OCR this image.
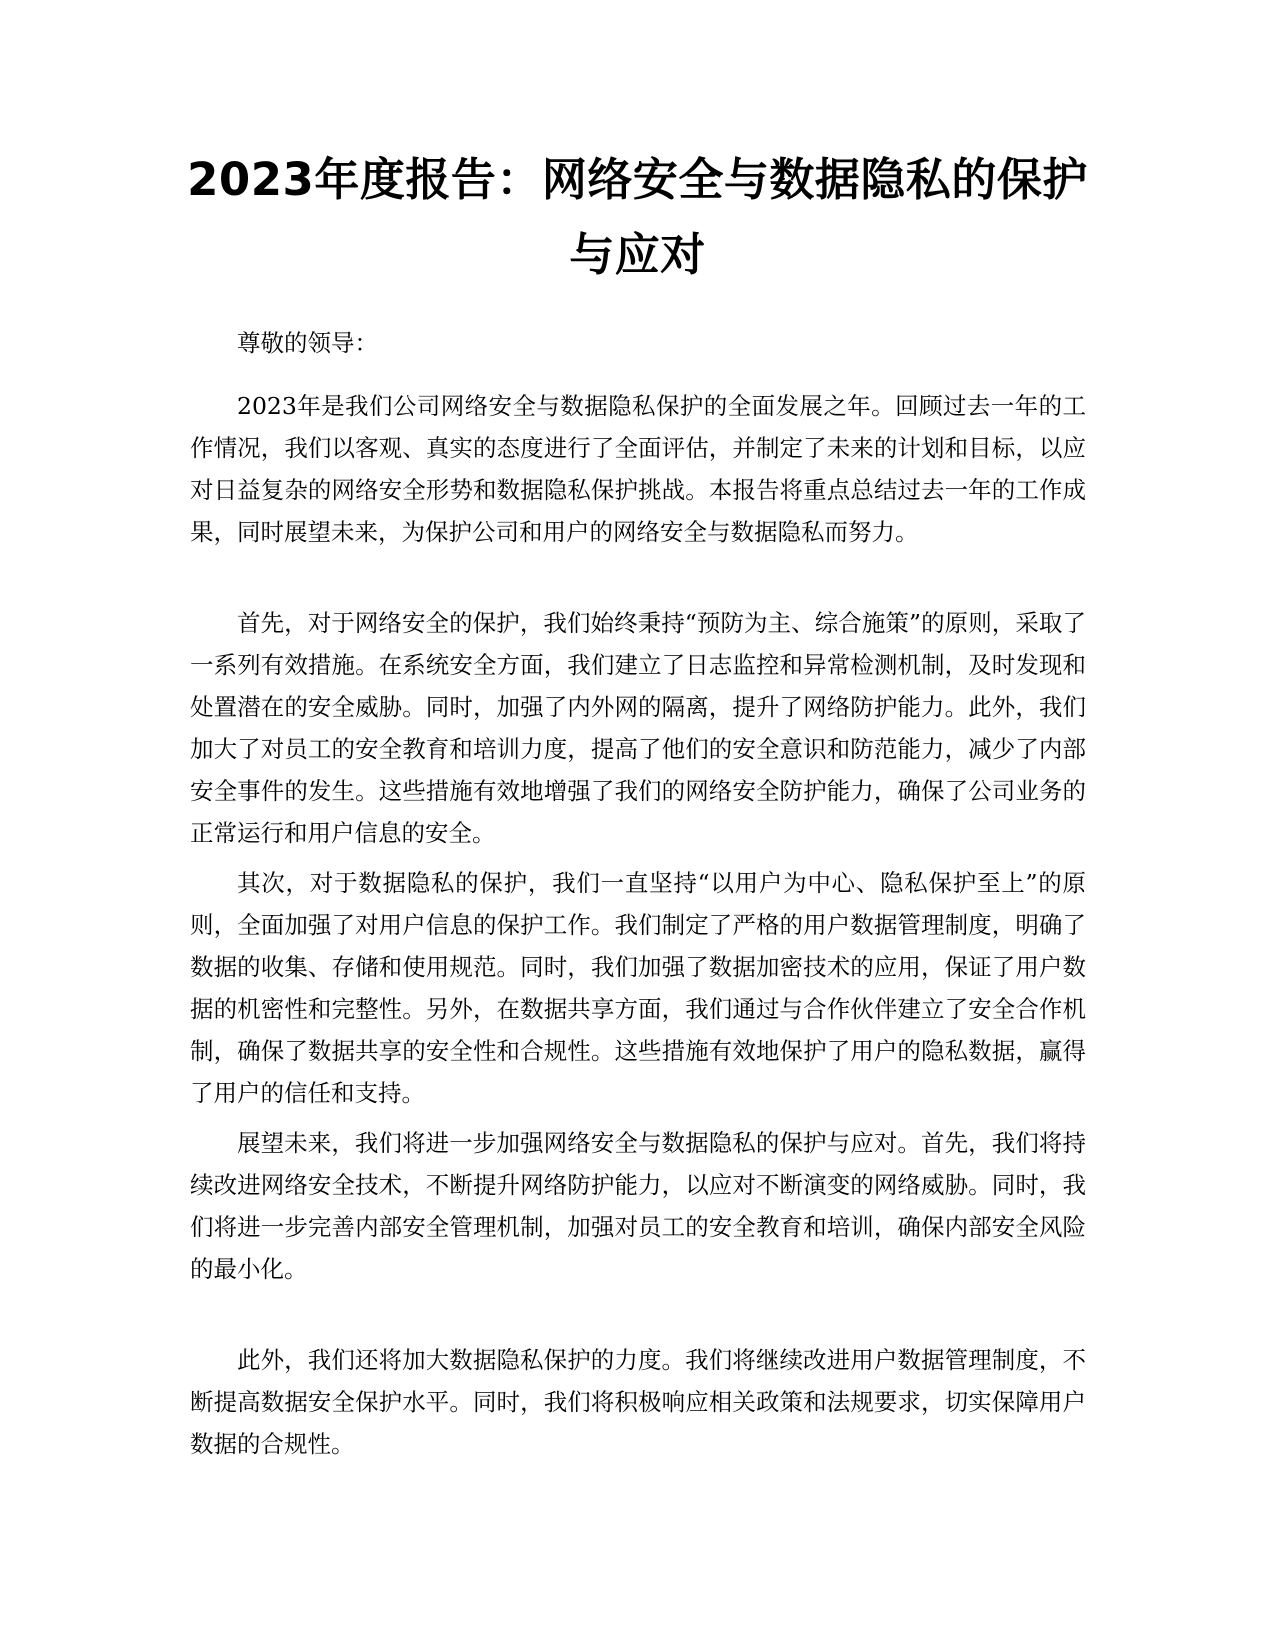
2023年度报告：网络安全与数据隐私的保护与应对

尊敬的领导：

2023年是我们公司网络安全与数据隐私保护的全面发展之年。回顾过去一年的工作情况，我们以客观、真实的态度进行了全面评估，并制定了未来的计划和目标，以应对日益复杂的网络安全形势和数据隐私保护挑战。本报告将重点总结过去一年的工作成果，同时展望未来，为保护公司和用户的网络安全与数据隐私而努力。

首先，对于网络安全的保护，我们始终秉持“预防为主、综合施策”的原则，采取了一系列有效措施。在系统安全方面，我们建立了日志监控和异常检测机制，及时发现和处置潜在的安全威胁。同时，加强了内外网的隔离，提升了网络防护能力。此外，我们加大了对员工的安全教育和培训力度，提高了他们的安全意识和防范能力，减少了内部安全事件的发生。这些措施有效地增强了我们的网络安全防护能力，确保了公司业务的正常运行和用户信息的安全。

其次，对于数据隐私的保护，我们一直坚持“以用户为中心、隐私保护至上”的原则，全面加强了对用户信息的保护工作。我们制定了严格的用户数据管理制度，明确了数据的收集、存储和使用规范。同时，我们加强了数据加密技术的应用，保证了用户数据的机密性和完整性。另外，在数据共享方面，我们通过与合作伙伴建立了安全合作机制，确保了数据共享的安全性和合规性。这些措施有效地保护了用户的隐私数据，赢得了用户的信任和支持。

展望未来，我们将进一步加强网络安全与数据隐私的保护与应对。首先，我们将持续改进网络安全技术，不断提升网络防护能力，以应对不断演变的网络威胁。同时，我们将进一步完善内部安全管理机制，加强对员工的安全教育和培训，确保内部安全风险的最小化。

此外，我们还将加大数据隐私保护的力度。我们将继续改进用户数据管理制度，不断提高数据安全保护水平。同时，我们将积极响应相关政策和法规要求，切实保障用户数据的合规性。
